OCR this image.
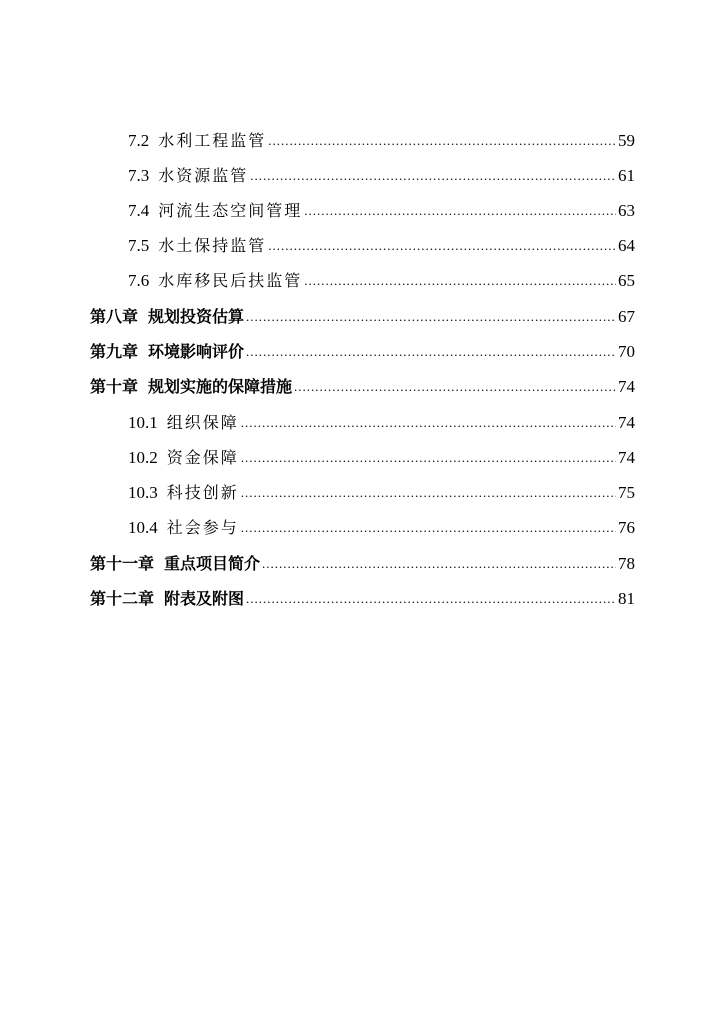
7.2 水利工程监管 .....	59
7.3 水资源监管 .....	61
7.4 河流生态空间管理 .....	63
7.5 水土保持监管 .....	64
7.6 水库移民后扶监管 .....	65
第八章 规划投资估算 .....	67
第九章 环境影响评价 .....	70
第十章 规划实施的保障措施 .....	74
10.1 组织保障 .....	74
10.2 资金保障 .....	74
10.3 科技创新 .....	75
10.4 社会参与 .....	76
第十一章 重点项目简介 .....	78
第十二章 附表及附图 .....	81
